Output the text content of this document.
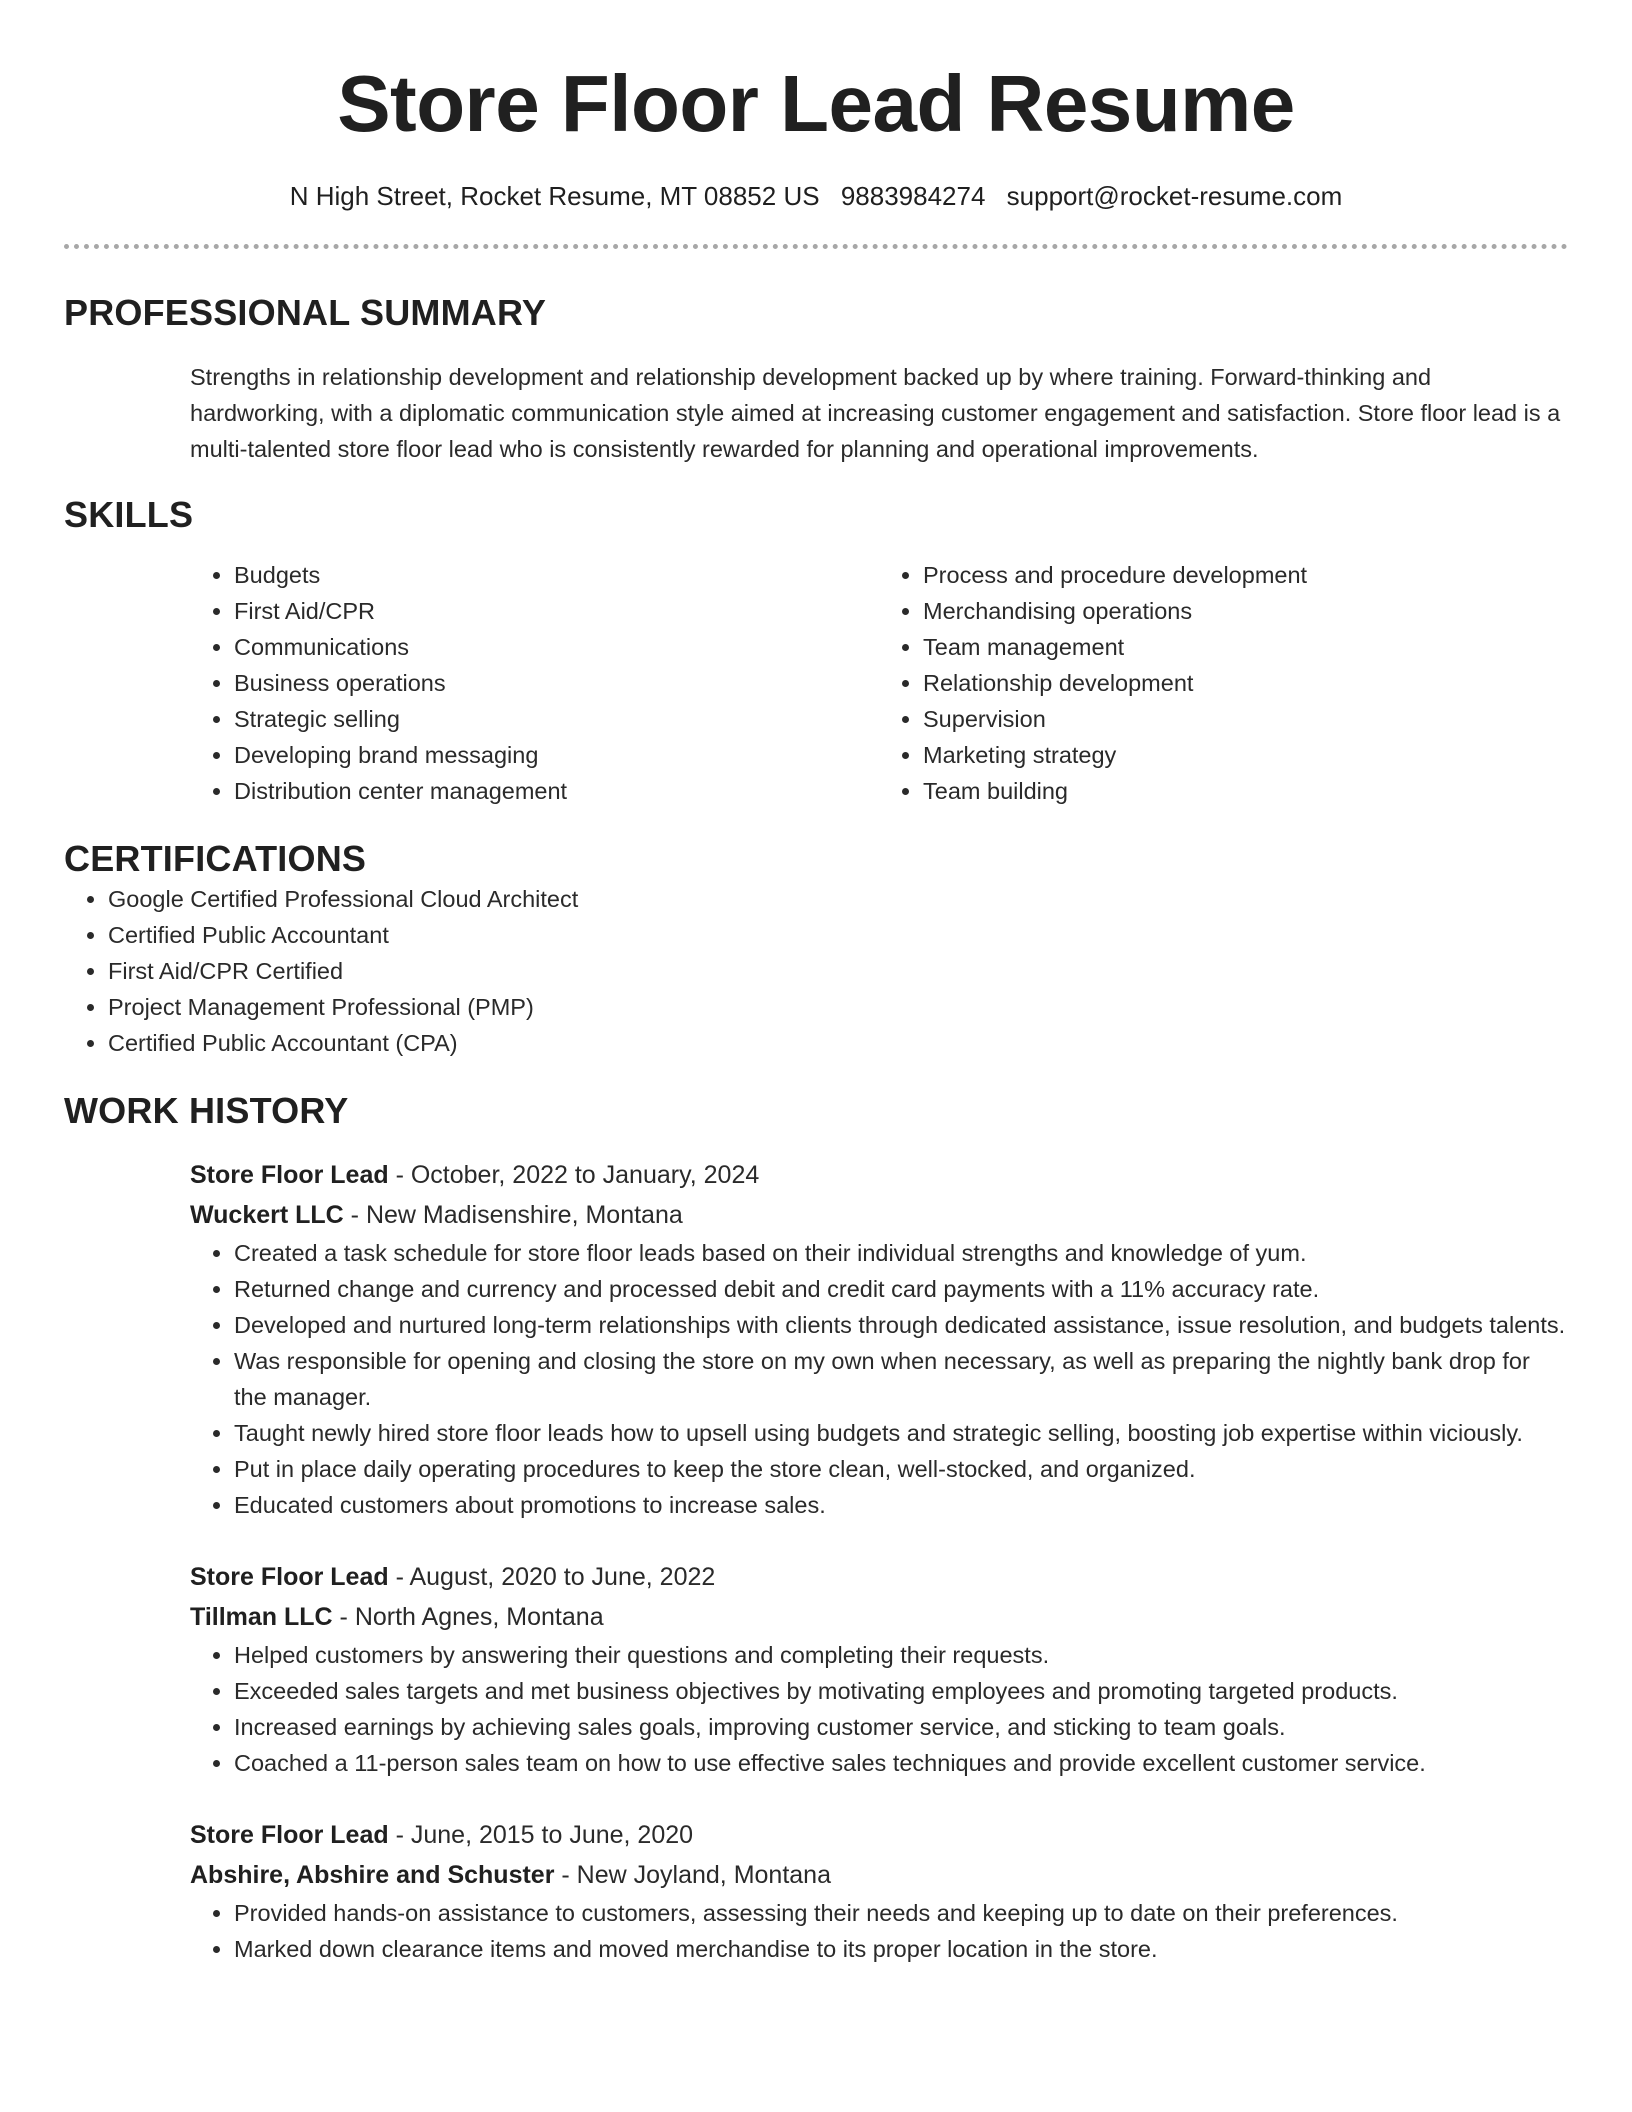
Store Floor Lead Resume
N High Street, Rocket Resume, MT 08852 US 9883984274 support@rocket-resume.com
PROFESSIONAL SUMMARY

Strengths in relationship development and relationship development backed up by where training. Forward-thinking and hardworking, with a diplomatic communication style aimed at increasing customer engagement and satisfaction. Store floor lead is a multi-talented store floor lead who is consistently rewarded for planning and operational improvements.

SKILLS
• Budgets
• First Aid/CPR
• Communications
• Business operations
• Strategic selling
• Developing brand messaging
• Distribution center management
• Process and procedure development
• Merchandising operations
• Team management
• Relationship development
• Supervision
• Marketing strategy
• Team building
CERTIFICATIONS
• Google Certified Professional Cloud Architect
• Certified Public Accountant
• First Aid/CPR Certified
• Project Management Professional (PMP)
• Certified Public Accountant (CPA)
WORK HISTORY
Store Floor Lead - October, 2022 to January, 2024
Wuckert LLC - New Madisenshire, Montana
• Created a task schedule for store floor leads based on their individual strengths and knowledge of yum.
• Returned change and currency and processed debit and credit card payments with a 11% accuracy rate.
• Developed and nurtured long-term relationships with clients through dedicated assistance, issue resolution, and budgets talents.
• Was responsible for opening and closing the store on my own when necessary, as well as preparing the nightly bank drop for the manager.
• Taught newly hired store floor leads how to upsell using budgets and strategic selling, boosting job expertise within viciously.
• Put in place daily operating procedures to keep the store clean, well-stocked, and organized.
• Educated customers about promotions to increase sales.
Store Floor Lead - August, 2020 to June, 2022
Tillman LLC - North Agnes, Montana
• Helped customers by answering their questions and completing their requests.
• Exceeded sales targets and met business objectives by motivating employees and promoting targeted products.
• Increased earnings by achieving sales goals, improving customer service, and sticking to team goals.
• Coached a 11-person sales team on how to use effective sales techniques and provide excellent customer service.
Store Floor Lead - June, 2015 to June, 2020
Abshire, Abshire and Schuster - New Joyland, Montana
• Provided hands-on assistance to customers, assessing their needs and keeping up to date on their preferences.
• Marked down clearance items and moved merchandise to its proper location in the store.
